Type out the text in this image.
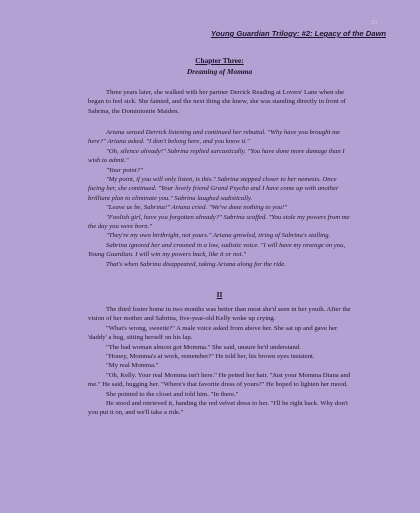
33
Young Guardian Trilogy: #2: Legacy of the Dawn
Chapter Three:
Dreaming of Momma

Three years later, she walked with her partner Derrick Reading at Lovers' Lane when she began to feel sick. She fainted, and the next thing she knew, she was standing directly in front of Sabrina, the Dominionite Maiden.

Ariana sensed Derrick listening and continued her rebuttal. "Why have you brought me here?" Ariana asked. "I don't belong here, and you know it."

"Oh, silence already!" Sabrina replied sarcastically. "You have done more damage than I wish to admit."

"Your point?"

"My point, if you will only listen, is this." Sabrina stepped closer to her nemesis. Once facing her, she continued. "Your lovely friend Grand Psycho and I have come up with another brilliant plan to eliminate you." Sabrina laughed sadistically.

"Leave us be, Sabrina!" Ariana cried. "We've done nothing to you!"

"Foolish girl, have you forgotten already?" Sabrina scoffed. "You stole my powers from me the day you were born."

"They're my own birthright, not yours." Ariana growled, tiring of Sabrina's stalling.

Sabrina ignored her and crooned in a low, sadistic voice. "I will have my revenge on you, Young Guardian. I will win my powers back, like it or not."

That's when Sabrina disappeared, taking Ariana along for the ride.

II

The third foster home in two months was better than most she'd seen in her youth. After the vision of her mother and Sabrina, five-year-old Kelly woke up crying.

"What's wrong, sweetie?" A male voice asked from above her. She sat up and gave her 'daddy' a hug, sitting herself on his lap.

"The bad woman almost got Momma." She said, unsure he'd understand.

"Honey, Momma's at work, remember?" He told her, his brown eyes insistent.

"My real Momma."

"Oh, Kelly. Your real Momma isn't here." He petted her hair. "Just your Momma Diana and me." He said, hugging her. "Where's that favorite dress of yours?" He hoped to lighten her mood.

She pointed to the closet and told him. "In there."

He stood and retrieved it, handing the red velvet dress to her. "I'll be right back. Why don't you put it on, and we'll take a ride."
